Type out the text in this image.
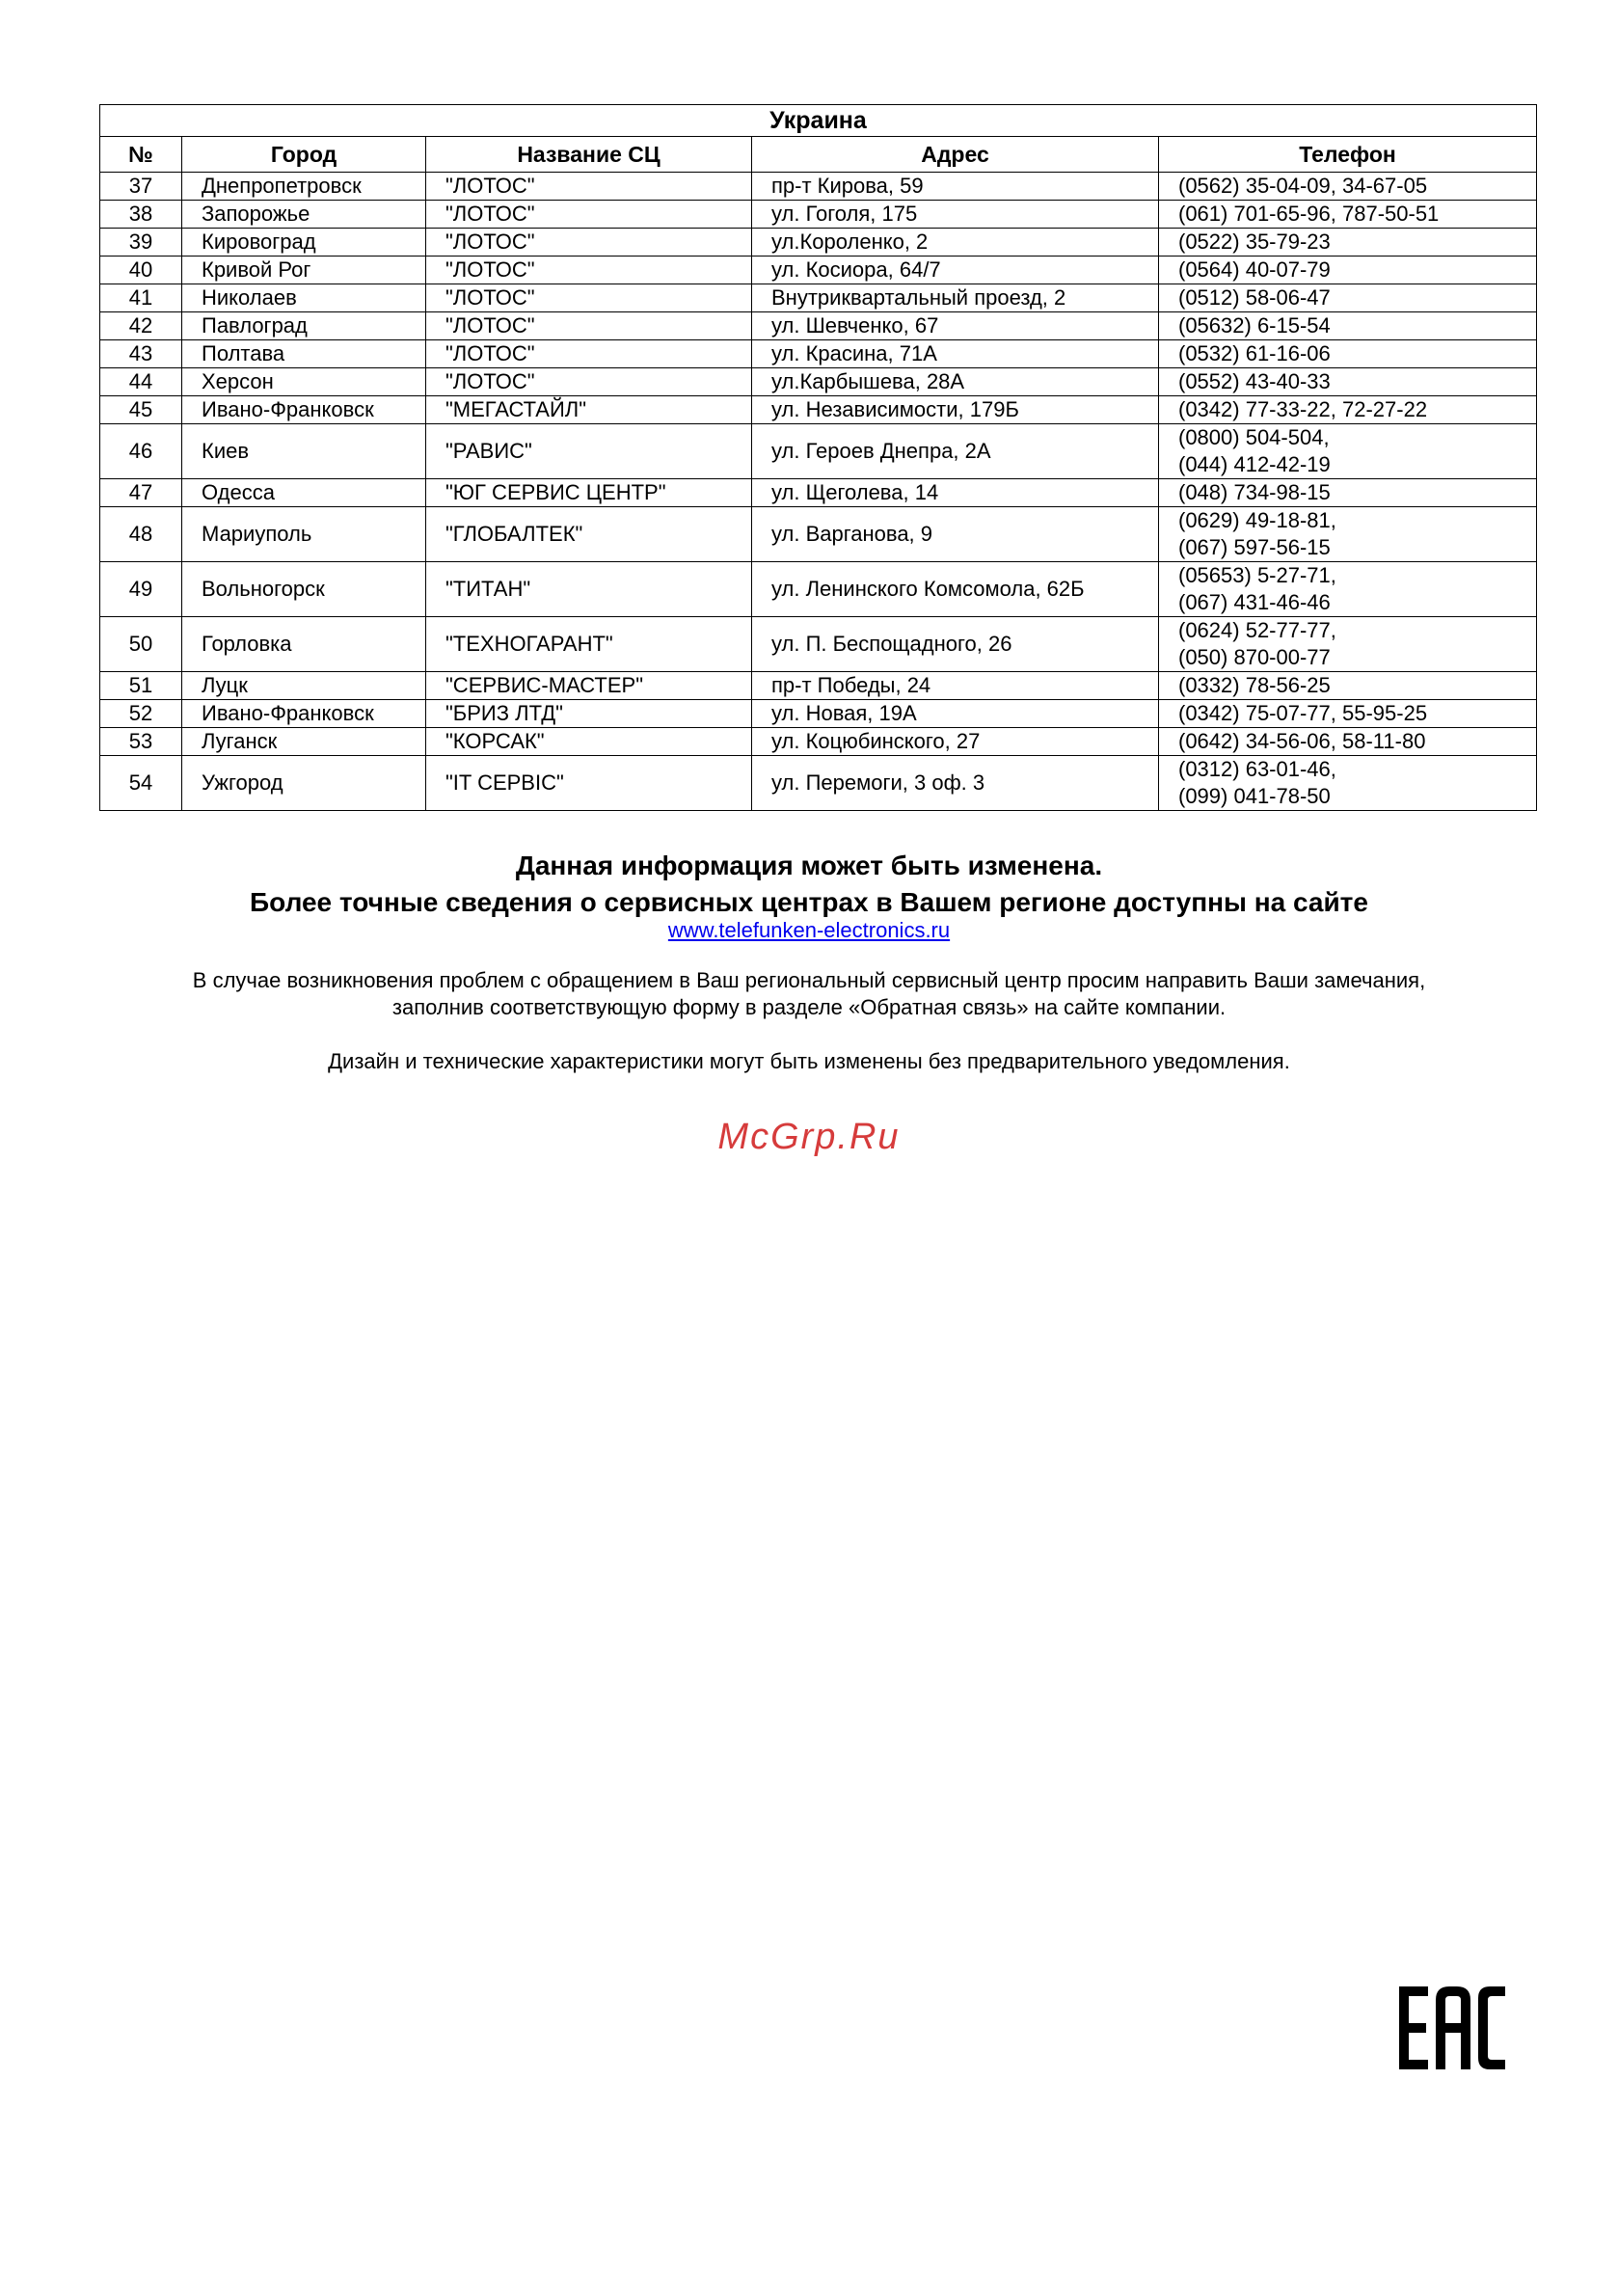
Украина				
№	Город	Название СЦ	Адрес	Телефон
37	Днепропетровск	"ЛОТОС"	пр-т Кирова, 59	(0562) 35-04-09, 34-67-05
38	Запорожье	"ЛОТОС"	ул. Гоголя, 175	(061) 701-65-96, 787-50-51
39	Кировоград	"ЛОТОС"	ул.Короленко, 2	(0522) 35-79-23
40	Кривой Рог	"ЛОТОС"	ул. Косиора, 64/7	(0564) 40-07-79
41	Николаев	"ЛОТОС"	Внутриквартальный проезд, 2	(0512) 58-06-47
42	Павлоград	"ЛОТОС"	ул. Шевченко, 67	(05632) 6-15-54
43	Полтава	"ЛОТОС"	ул. Красина, 71А	(0532) 61-16-06
44	Херсон	"ЛОТОС"	ул.Карбышева, 28А	(0552) 43-40-33
45	Ивано-Франковск	"МЕГАСТАЙЛ"	ул. Независимости, 179Б	(0342) 77-33-22, 72-27-22
46	Киев	"РАВИС"	ул. Героев Днепра, 2А	(0800) 504-504,
(044) 412-42-19
47	Одесса	"ЮГ СЕРВИС ЦЕНТР"	ул. Щеголева, 14	(048) 734-98-15
48	Мариуполь	"ГЛОБАЛТЕК"	ул. Варганова, 9	(0629) 49-18-81,
(067) 597-56-15
49	Вольногорск	"ТИТАН"	ул. Ленинского Комсомола, 62Б	(05653) 5-27-71,
(067) 431-46-46
50	Горловка	"ТЕХНОГАРАНТ"	ул. П. Беспощадного, 26	(0624) 52-77-77,
(050) 870-00-77
51	Луцк	"СЕРВИС-МАСТЕР"	пр-т Победы, 24	(0332) 78-56-25
52	Ивано-Франковск	"БРИЗ ЛТД"	ул. Новая, 19А	(0342) 75-07-77, 55-95-25
53	Луганск	"КОРСАК"	ул. Коцюбинского, 27	(0642) 34-56-06, 58-11-80
54	Ужгород	"IT СЕРВІС"	ул. Перемоги, 3 оф. 3	(0312) 63-01-46,
(099) 041-78-50
Данная информация может быть изменена.
Более точные сведения о сервисных центрах в Вашем регионе доступны на сайте
www.telefunken-electronics.ru
В случае возникновения проблем с обращением в Ваш региональный сервисный центр просим направить Ваши замечания,
заполнив соответствующую форму в разделе «Обратная связь» на сайте компании.
Дизайн и технические характеристики могут быть изменены без предварительного уведомления.
McGrp.Ru
